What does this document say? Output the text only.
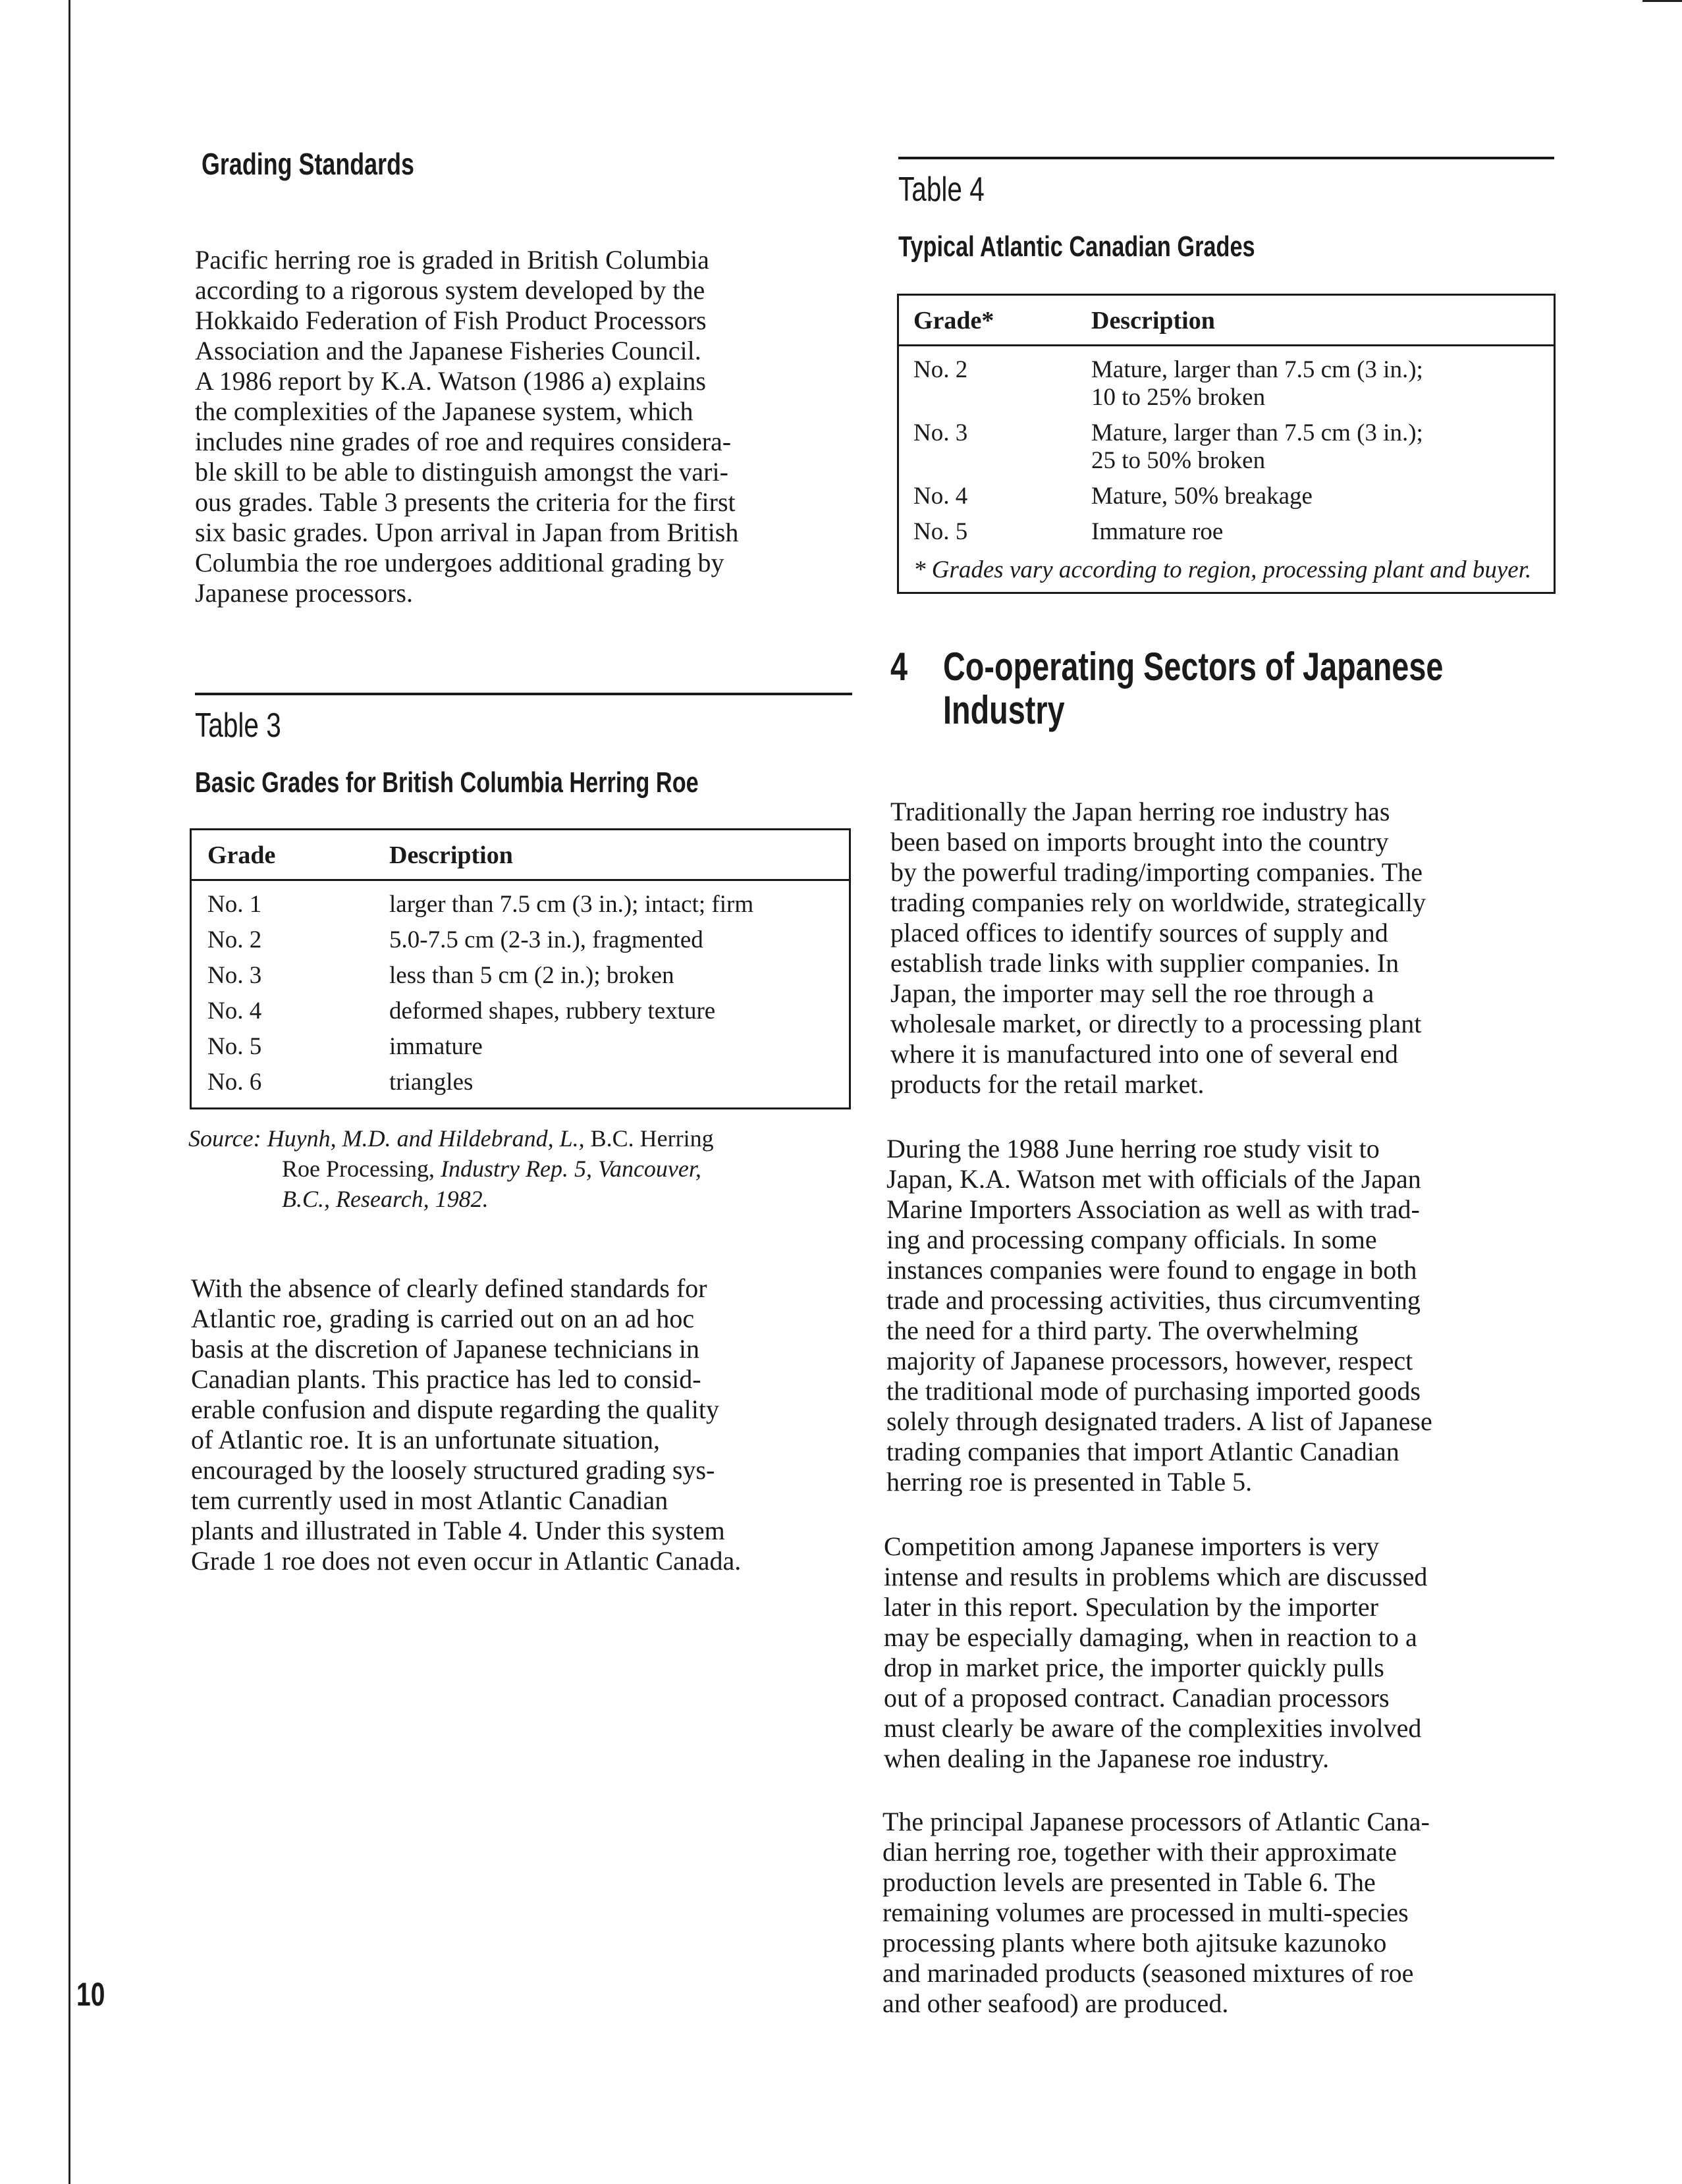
Grading Standards
Pacific herring roe is graded in British Columbia
according to a rigorous system developed by the
Hokkaido Federation of Fish Product Processors
Association and the Japanese Fisheries Council.
A 1986 report by K.A. Watson (1986 a) explains
the complexities of the Japanese system, which
includes nine grades of roe and requires considera-
ble skill to be able to distinguish amongst the vari-
ous grades. Table 3 presents the criteria for the first
six basic grades. Upon arrival in Japan from British
Columbia the roe undergoes additional grading by
Japanese processors.
Table 3
Basic Grades for British Columbia Herring Roe
Grade	Description
No. 1	larger than 7.5 cm (3 in.); intact; firm
No. 2	5.0-7.5 cm (2-3 in.), fragmented
No. 3	less than 5 cm (2 in.); broken
No. 4	deformed shapes, rubbery texture
No. 5	immature
No. 6	triangles
Source: Huynh, M.D. and Hildebrand, L., B.C. Herring
Roe Processing, Industry Rep. 5, Vancouver,
B.C., Research, 1982.
With the absence of clearly defined standards for
Atlantic roe, grading is carried out on an ad hoc
basis at the discretion of Japanese technicians in
Canadian plants. This practice has led to consid-
erable confusion and dispute regarding the quality
of Atlantic roe. It is an unfortunate situation,
encouraged by the loosely structured grading sys-
tem currently used in most Atlantic Canadian
plants and illustrated in Table 4. Under this system
Grade 1 roe does not even occur in Atlantic Canada.
10
Table 4
Typical Atlantic Canadian Grades
Grade*	Description
No. 2	Mature, larger than 7.5 cm (3 in.);
10 to 25% broken
No. 3	Mature, larger than 7.5 cm (3 in.);
25 to 50% broken
No. 4	Mature, 50% breakage
No. 5	Immature roe
* Grades vary according to region, processing plant and buyer.
4 Co-operating Sectors of Japanese
Industry
Traditionally the Japan herring roe industry has
been based on imports brought into the country
by the powerful trading/importing companies. The
trading companies rely on worldwide, strategically
placed offices to identify sources of supply and
establish trade links with supplier companies. In
Japan, the importer may sell the roe through a
wholesale market, or directly to a processing plant
where it is manufactured into one of several end
products for the retail market.
During the 1988 June herring roe study visit to
Japan, K.A. Watson met with officials of the Japan
Marine Importers Association as well as with trad-
ing and processing company officials. In some
instances companies were found to engage in both
trade and processing activities, thus circumventing
the need for a third party. The overwhelming
majority of Japanese processors, however, respect
the traditional mode of purchasing imported goods
solely through designated traders. A list of Japanese
trading companies that import Atlantic Canadian
herring roe is presented in Table 5.
Competition among Japanese importers is very
intense and results in problems which are discussed
later in this report. Speculation by the importer
may be especially damaging, when in reaction to a
drop in market price, the importer quickly pulls
out of a proposed contract. Canadian processors
must clearly be aware of the complexities involved
when dealing in the Japanese roe industry.
The principal Japanese processors of Atlantic Cana-
dian herring roe, together with their approximate
production levels are presented in Table 6. The
remaining volumes are processed in multi-species
processing plants where both ajitsuke kazunoko
and marinaded products (seasoned mixtures of roe
and other seafood) are produced.
